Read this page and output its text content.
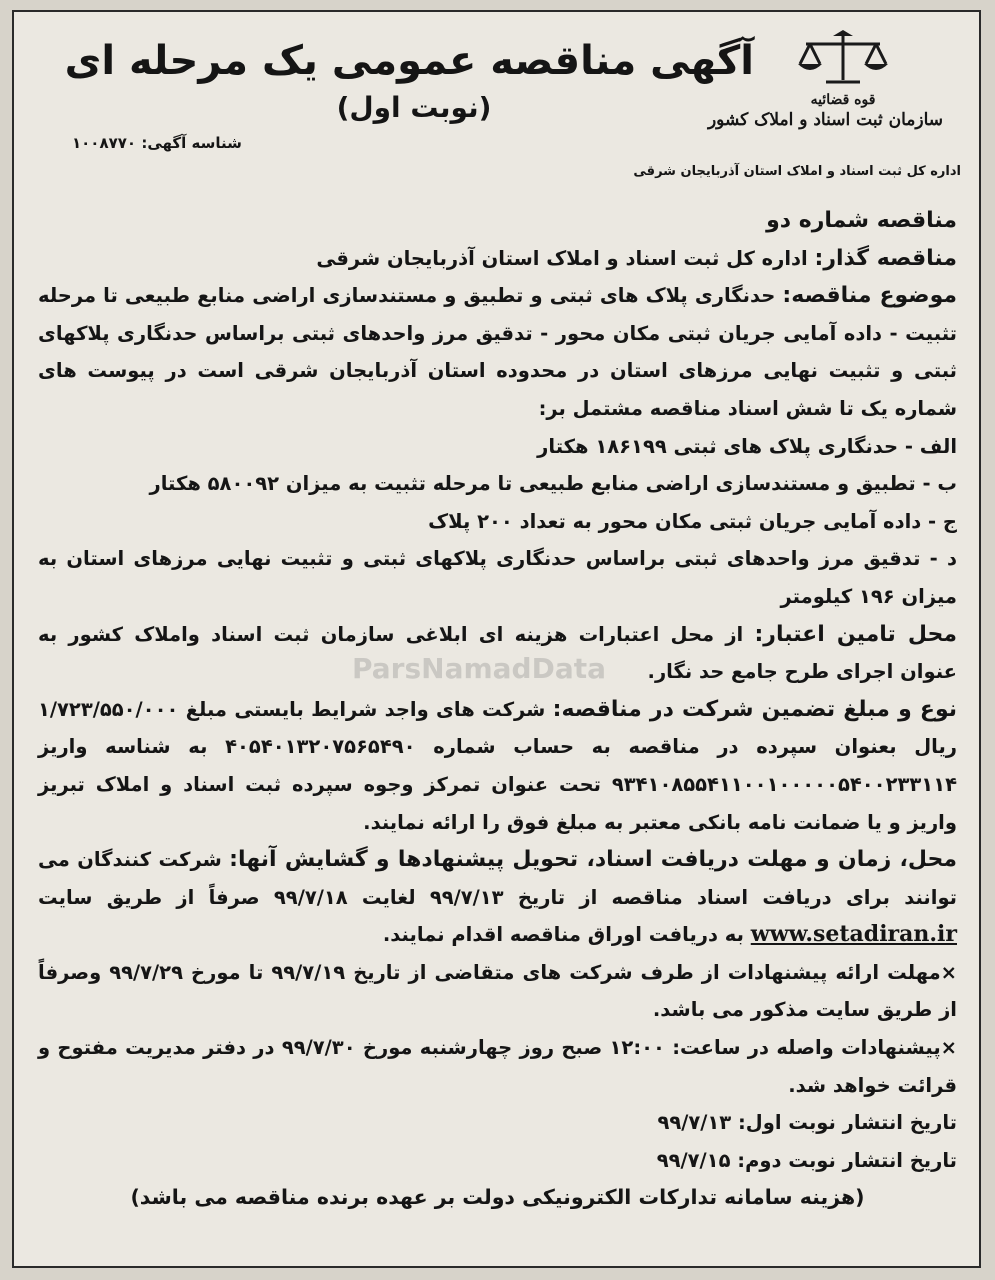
قوه قضائیه
سازمان ثبت اسناد و املاک کشور
اداره کل ثبت اسناد و املاک استان آذربایجان شرقی
آگهی مناقصه عمومی یک مرحله ای
(نوبت اول)
شناسه آگهی: ۱۰۰۸۷۷۰
ParsNamadData

مناقصه شماره دو

مناقصه گذار: اداره کل ثبت اسناد و املاک استان آذربایجان شرقی

موضوع مناقصه: حدنگاری پلاک های ثبتی و تطبیق و مستندسازی اراضی منابع طبیعی تا مرحله تثبیت - داده آمایی جریان ثبتی مکان محور - تدقیق مرز واحدهای ثبتی براساس حدنگاری پلاکهای ثبتی و تثبیت نهایی مرزهای استان در محدوده استان آذربایجان شرقی است در پیوست های شماره یک تا شش اسناد مناقصه مشتمل بر:

الف - حدنگاری پلاک های ثبتی ۱۸۶۱۹۹ هکتار

ب - تطبیق و مستندسازی اراضی منابع طبیعی تا مرحله تثبیت به میزان ۵۸۰۰۹۲ هکتار

ج - داده آمایی جریان ثبتی مکان محور به تعداد ۲۰۰ پلاک

د - تدقیق مرز واحدهای ثبتی براساس حدنگاری پلاکهای ثبتی و تثبیت نهایی مرزهای استان به میزان ۱۹۶ کیلومتر

محل تامین اعتبار: از محل اعتبارات هزینه ای ابلاغی سازمان ثبت اسناد واملاک کشور به عنوان اجرای طرح جامع حد نگار.

نوع و مبلغ تضمین شرکت در مناقصه: شرکت های واجد شرایط بایستی مبلغ ۱/۷۲۳/۵۵۰/۰۰۰ ریال بعنوان سپرده در مناقصه به حساب شماره ۴۰۵۴۰۱۳۲۰۷۵۶۵۴۹۰ به شناسه واریز ۹۳۴۱۰۸۵۵۴۱۱۰۰۱۰۰۰۰۰۵۴۰۰۲۳۳۱۱۴ تحت عنوان تمرکز وجوه سپرده ثبت اسناد و املاک تبریز واریز و یا ضمانت نامه بانکی معتبر به مبلغ فوق را ارائه نمایند.

محل، زمان و مهلت دریافت اسناد، تحویل پیشنهادها و گشایش آنها: شرکت کنندگان می توانند برای دریافت اسناد مناقصه از تاریخ ۹۹/۷/۱۳ لغایت ۹۹/۷/۱۸ صرفاً از طریق سایت www.setadiran.ir به دریافت اوراق مناقصه اقدام نمایند.

×مهلت ارائه پیشنهادات از طرف شرکت های متقاضی از تاریخ ۹۹/۷/۱۹ تا مورخ ۹۹/۷/۲۹ وصرفاً از طریق سایت مذکور می باشد.

×پیشنهادات واصله در ساعت: ۱۲:۰۰ صبح روز چهارشنبه مورخ ۹۹/۷/۳۰ در دفتر مدیریت مفتوح و قرائت خواهد شد.

تاریخ انتشار نوبت اول: ۹۹/۷/۱۳

تاریخ انتشار نوبت دوم: ۹۹/۷/۱۵

(هزینه سامانه تدارکات الکترونیکی دولت بر عهده برنده مناقصه می باشد)
